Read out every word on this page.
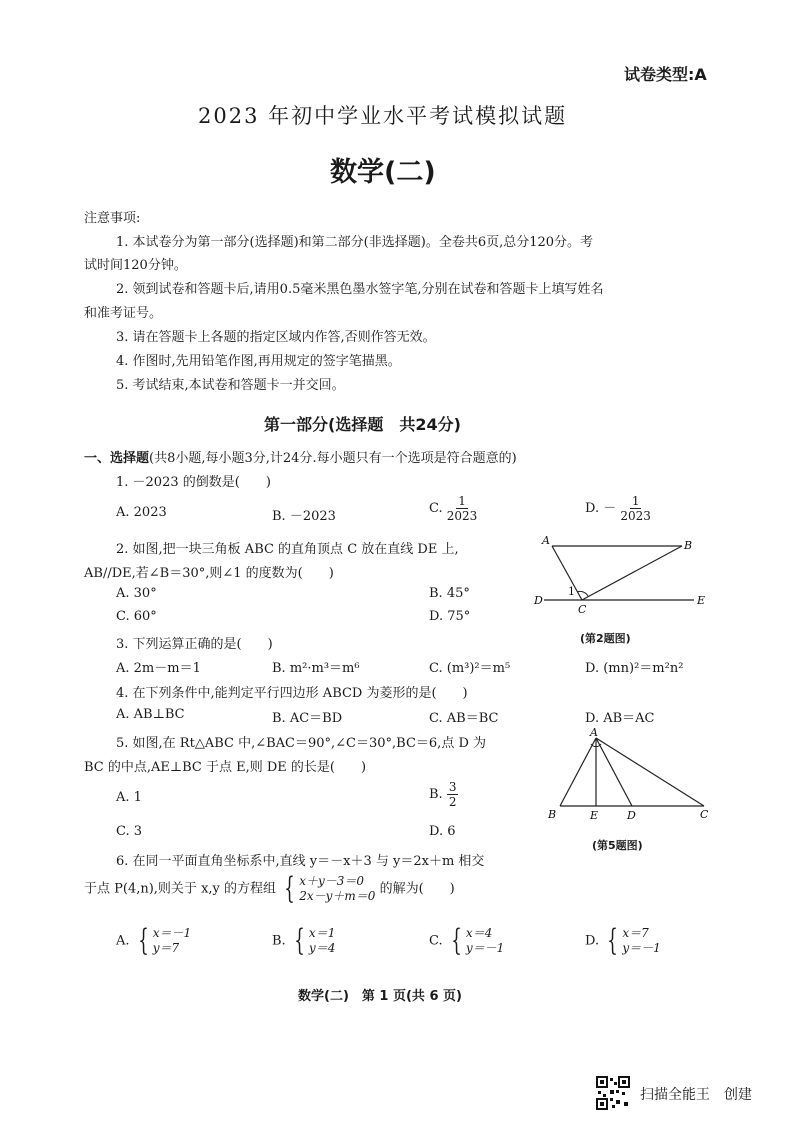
试卷类型:A
2023 年初中学业水平考试模拟试题
数学(二)
注意事项:
1. 本试卷分为第一部分(选择题)和第二部分(非选择题)。全卷共6页,总分120分。考
试时间120分钟。
2. 领到试卷和答题卡后,请用0.5毫米黑色墨水签字笔,分别在试卷和答题卡上填写姓名
和准考证号。
3. 请在答题卡上各题的指定区域内作答,否则作答无效。
4. 作图时,先用铅笔作图,再用规定的签字笔描黑。
5. 考试结束,本试卷和答题卡一并交回。
第一部分(选择题　共24分)
一、选择题(共8小题,每小题3分,计24分.每小题只有一个选项是符合题意的)
1. －2023 的倒数是(　　)
A. 2023	B. －2023
C. $\frac{1}{2023}$	D. － $\frac{1}{2023}$
2. 如图,把一块三角板 ABC 的直角顶点 C 放在直线 DE 上,
AB//DE,若∠B＝30°,则∠1 的度数为(　　)
A. 30°	B. 45°
C. 60°	D. 75°
A	B
D	E
C
1
(第2题图)
3. 下列运算正确的是(　　)
A. 2m－m＝1	B. m²·m³＝m⁶	C. (m³)²＝m⁵	D. (mn)²＝m²n²
4. 在下列条件中,能判定平行四边形 ABCD 为菱形的是(　　)
A. AB⊥BC	B. AC＝BD	C. AB＝BC	D. AB＝AC
5. 如图,在 Rt△ABC 中,∠BAC＝90°,∠C＝30°,BC＝6,点 D 为
BC 的中点,AE⊥BC 于点 E,则 DE 的长是(　　)
A. 1	B. $\frac{3}{2}$
C. 3	D. 6
A
B	E	D	C
(第5题图)
6. 在同一平面直角坐标系中,直线 y＝－x＋3 与 y＝2x＋m 相交
于点 P(4,n),则关于 x,y 的方程组 { x＋y－3＝0
2x－y＋m＝0 的解为(　　)
A. { x＝－1
y＝7	B. { x＝1
y＝4	C. { x＝4
y＝－1	D. { x＝7
y＝－1
数学(二)　第 1 页(共 6 页)
扫描全能王　创建
